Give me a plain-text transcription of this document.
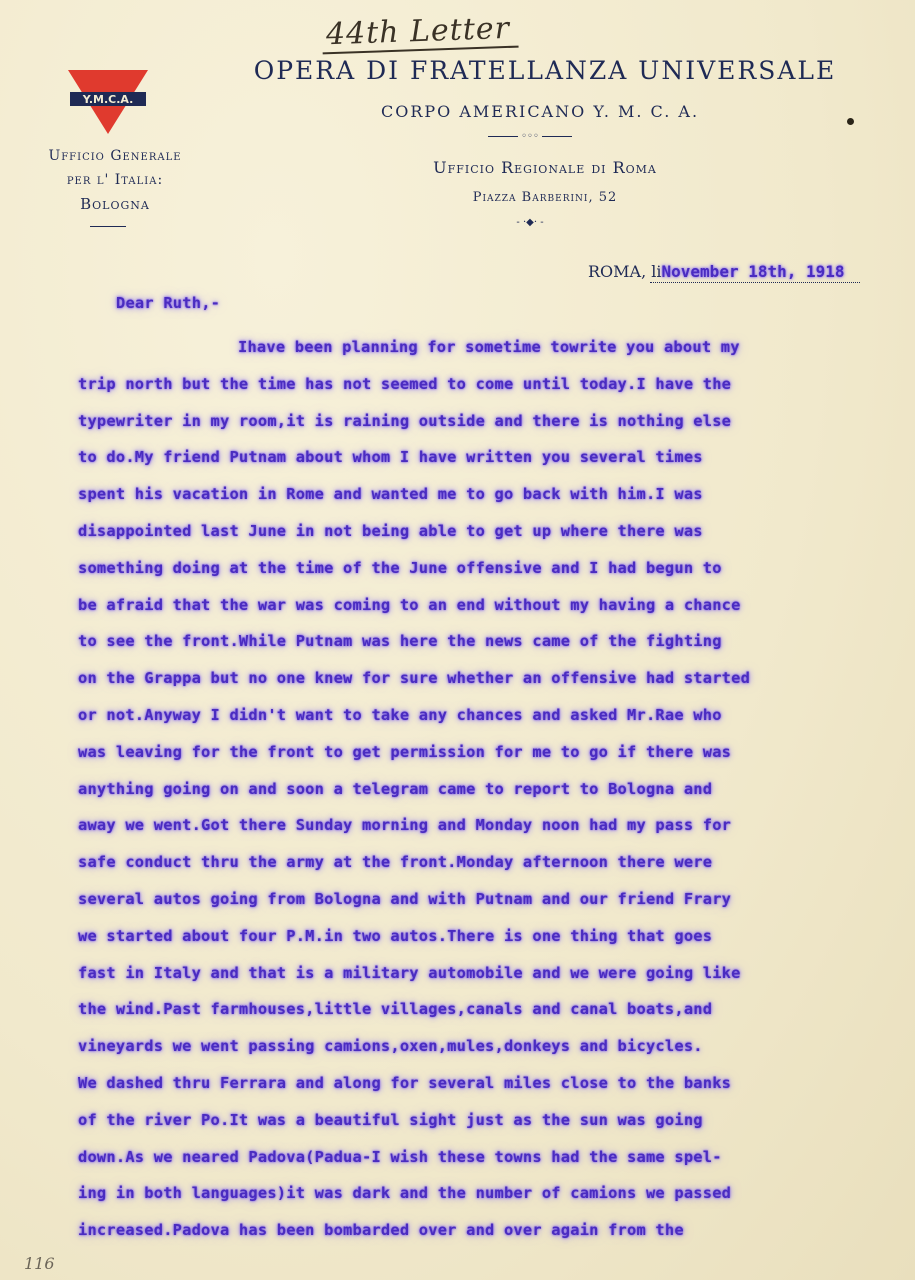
44th Letter
Y.M.C.A.
OPERA DI FRATELLANZA UNIVERSALE
CORPO AMERICANO Y. M. C. A.
◦◦◦
Ufficio Generale
per l' Italia:
Bologna
Ufficio Regionale di Roma
Piazza Barberini, 52
- ·◆· -
ROMA, liNovember 18th, 1918
Dear Ruth,-
Ihave been planning for sometime towrite you about my
trip north but the time has not seemed to come until today.I have the
typewriter in my room,it is raining outside and there is nothing else
to do.My friend Putnam about whom I have written you several times
spent his vacation in Rome and wanted me to go back with him.I was
disappointed last June in not being able to get up where there was
something doing at the time of the June offensive and I had begun to
be afraid that the war was coming to an end without my having a chance
to see the front.While Putnam was here the news came of the fighting
on the Grappa but no one knew for sure whether an offensive had started
or not.Anyway I didn't want to take any chances and asked Mr.Rae who
was leaving for the front to get permission for me to go if there was
anything going on and soon a telegram came to report to Bologna and
away we went.Got there Sunday morning and Monday noon had my pass for
safe conduct thru the army at the front.Monday afternoon there were
several autos going from Bologna and with Putnam and our friend Frary
we started about four P.M.in two autos.There is one thing that goes
fast in Italy and that is a military automobile and we were going like
the wind.Past farmhouses,little villages,canals and canal boats,and
vineyards we went passing camions,oxen,mules,donkeys and bicycles.
We dashed thru Ferrara and along for several miles close to the banks
of the river Po.It was a beautiful sight just as the sun was going
down.As we neared Padova(Padua-I wish these towns had the same spel-
ing in both languages)it was dark and the number of camions we passed
increased.Padova has been bombarded over and over again from the
116
